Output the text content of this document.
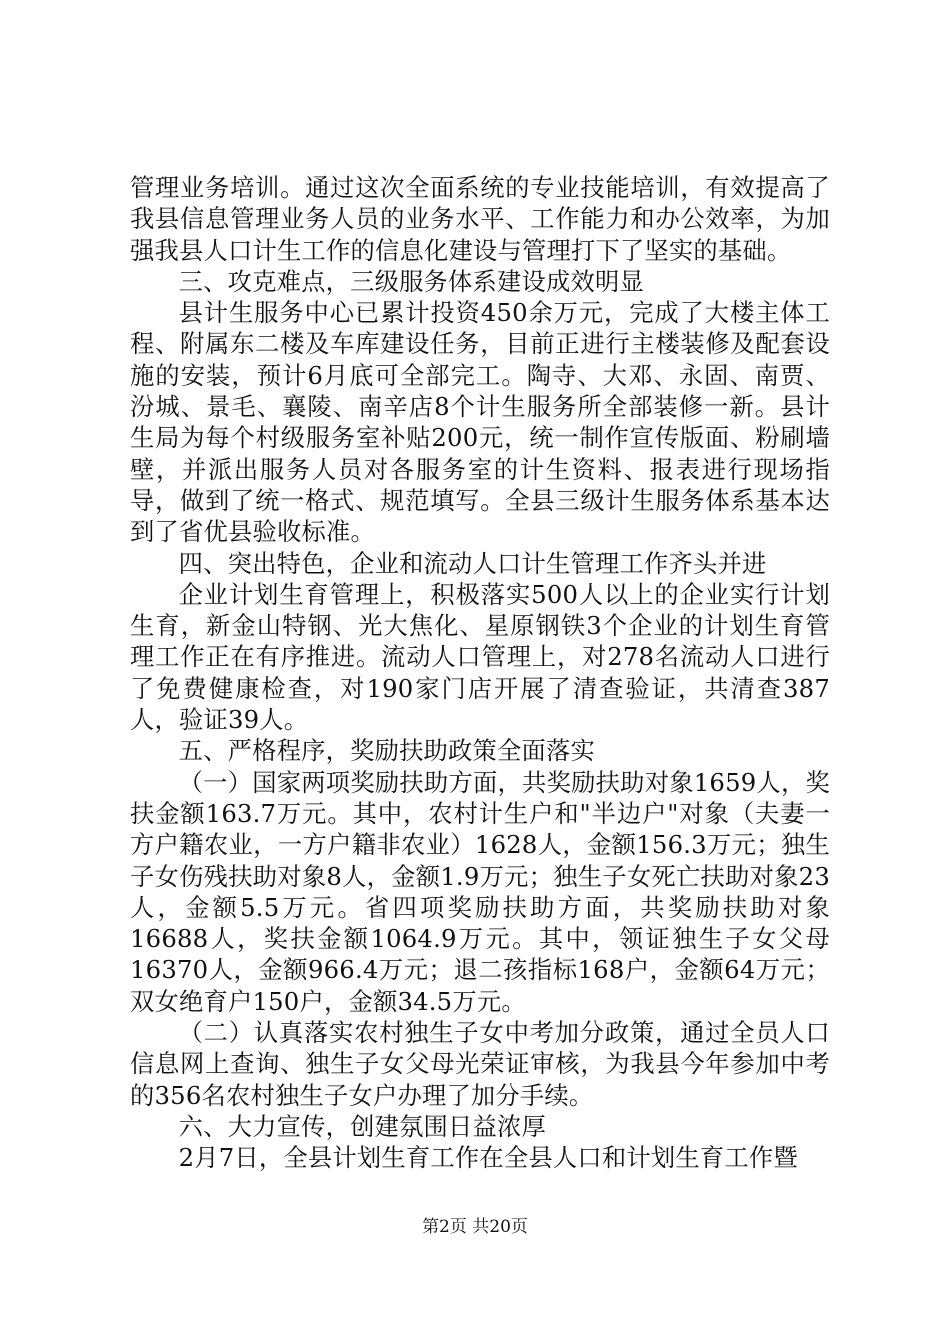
管理业务培训。通过这次全面系统的专业技能培训，有效提高了我县信息管理业务人员的业务水平、工作能力和办公效率，为加强我县人口计生工作的信息化建设与管理打下了坚实的基础。

三、攻克难点，三级服务体系建设成效明显

县计生服务中心已累计投资450余万元，完成了大楼主体工程、附属东二楼及车库建设任务，目前正进行主楼装修及配套设施的安装，预计6月底可全部完工。陶寺、大邓、永固、南贾、汾城、景毛、襄陵、南辛店8个计生服务所全部装修一新。县计生局为每个村级服务室补贴200元，统一制作宣传版面、粉刷墙壁，并派出服务人员对各服务室的计生资料、报表进行现场指导，做到了统一格式、规范填写。全县三级计生服务体系基本达到了省优县验收标准。

四、突出特色，企业和流动人口计生管理工作齐头并进

企业计划生育管理上，积极落实500人以上的企业实行计划生育，新金山特钢、光大焦化、星原钢铁3个企业的计划生育管理工作正在有序推进。流动人口管理上，对278名流动人口进行了免费健康检查，对190家门店开展了清查验证，共清查387人，验证39人。

五、严格程序，奖励扶助政策全面落实

（一）国家两项奖励扶助方面，共奖励扶助对象1659人，奖扶金额163.7万元。其中，农村计生户和"半边户"对象（夫妻一方户籍农业，一方户籍非农业）1628人，金额156.3万元；独生子女伤残扶助对象8人，金额1.9万元；独生子女死亡扶助对象23人，金额5.5万元。省四项奖励扶助方面，共奖励扶助对象16688人，奖扶金额1064.9万元。其中，领证独生子女父母16370人，金额966.4万元；退二孩指标168户，金额64万元；双女绝育户150户，金额34.5万元。

（二）认真落实农村独生子女中考加分政策，通过全员人口信息网上查询、独生子女父母光荣证审核，为我县今年参加中考的356名农村独生子女户办理了加分手续。

六、大力宣传，创建氛围日益浓厚

2月7日，全县计划生育工作在全县人口和计划生育工作暨

第2页 共20页
